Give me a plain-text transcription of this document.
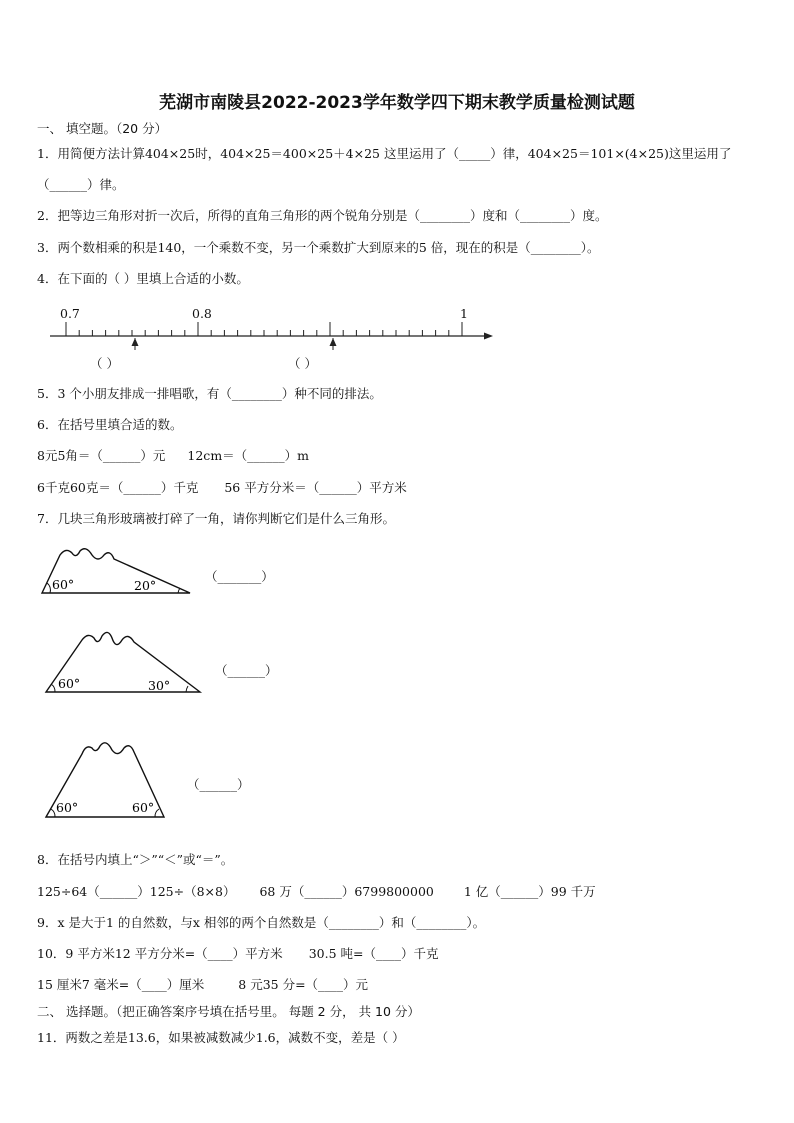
芜湖市南陵县2022-2023学年数学四下期末教学质量检测试题
一、 填空题。（20 分）
1．用简便方法计算404×25时，404×25＝400×25＋4×25 这里运用了（_____）律，404×25＝101×(4×25)这里运用了
（______）律。
2．把等边三角形对折一次后，所得的直角三角形的两个锐角分别是（________）度和（________）度。
3．两个数相乘的积是140，一个乘数不变，另一个乘数扩大到原来的5 倍，现在的积是（________）。
4．在下面的（ ）里填上合适的小数。
0.7	0.8	1
（ ）	（ ）
5．3 个小朋友排成一排唱歌，有（________）种不同的排法。
6．在括号里填合适的数。
8元5角＝（______）元 12cm＝（______）m
6千克60克＝（______）千克 56 平方分米＝（______）平方米
7．几块三角形玻璃被打碎了一角，请你判断它们是什么三角形。
60°	20°
（_______）
60°	30°
（______）
60°	60°
（______）
8．在括号内填上“＞”“＜”或“＝”。
125÷64（______）125÷（8×8） 68 万（______）6799800000 1 亿（______）99 千万
9．x 是大于1 的自然数，与x 相邻的两个自然数是（________）和（________）。
10．9 平方米12 平方分米=（____）平方米 30.5 吨=（____）千克
15 厘米7 毫米=（____）厘米	8 元35 分=（____）元
二、 选择题。（把正确答案序号填在括号里。 每题 2 分， 共 10 分）
11．两数之差是13.6，如果被减数减少1.6，减数不变，差是（ ）
